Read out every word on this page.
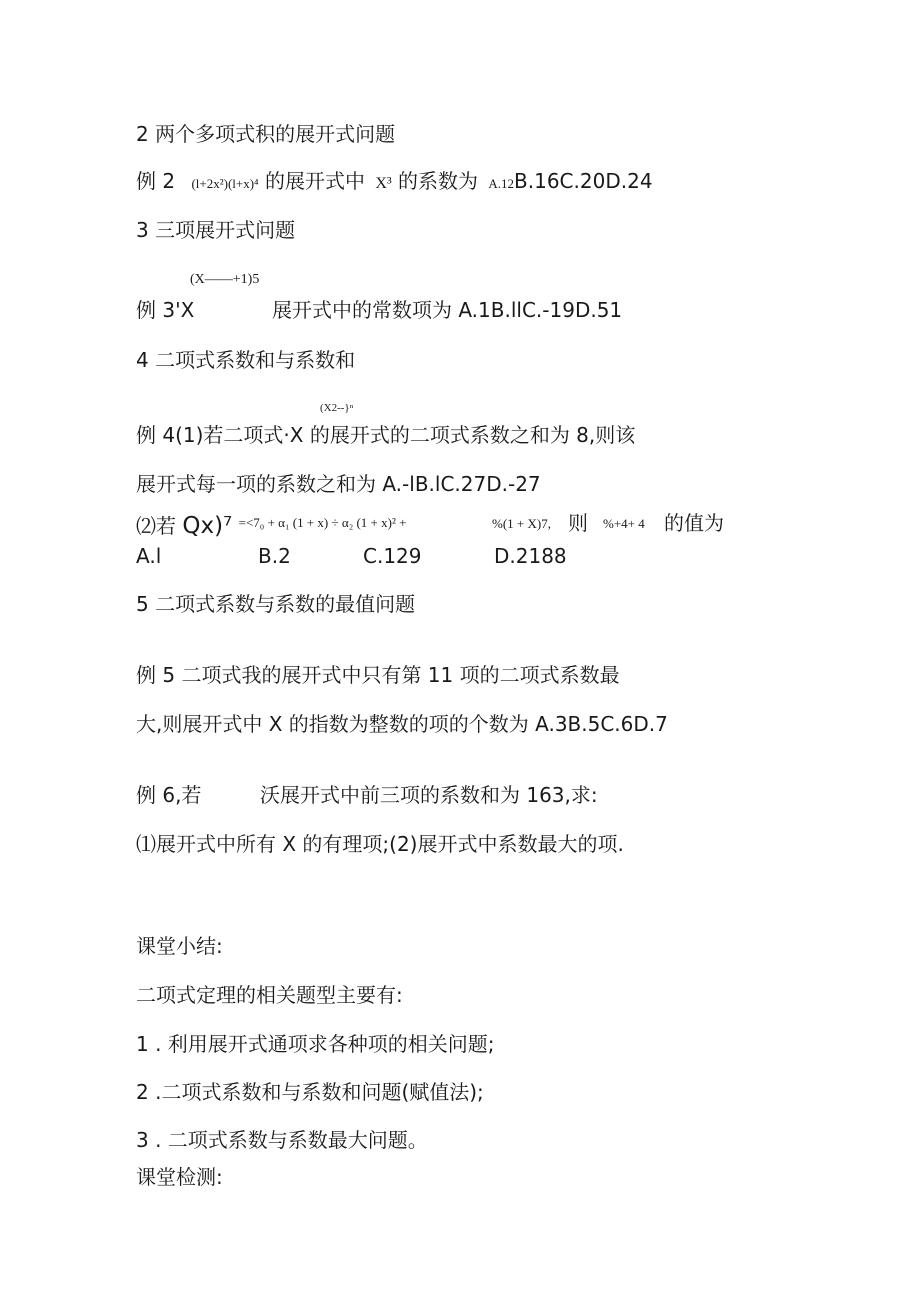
2 两个多项式积的展开式问题
例 2 (l+2x²)(l+x)⁴ 的展开式中 X³ 的系数为 A.12B.16C.20D.24
3 三项展开式问题
(X——+1)5
例 3'X	展开式中的常数项为 A.1B.llC.-19D.51
4 二项式系数和与系数和
(X2--}ⁿ
例 4(1)若二项式·X 的展开式的二项式系数之和为 8,则该
展开式每一项的系数之和为 A.-lB.lC.27D.-27
⑵若 Qx)⁷ $^{=<7_0 + \alpha_1 (1 + x) \div \alpha_2 (1 + x)^2 +}$	%(1 + X)7, 则 %+4+ 4 的值为
A.l	B.2	C.129	D.2188
5 二项式系数与系数的最值问题
例 5 二项式我的展开式中只有第 11 项的二项式系数最
大,则展开式中 X 的指数为整数的项的个数为 A.3B.5C.6D.7
例 6,若	沃展开式中前三项的系数和为 163,求:
⑴展开式中所有 X 的有理项;(2)展开式中系数最大的项.
课堂小结:
二项式定理的相关题型主要有:
1 . 利用展开式通项求各种项的相关问题;
2 .二项式系数和与系数和问题(赋值法);
3 . 二项式系数与系数最大问题。
课堂检测:
